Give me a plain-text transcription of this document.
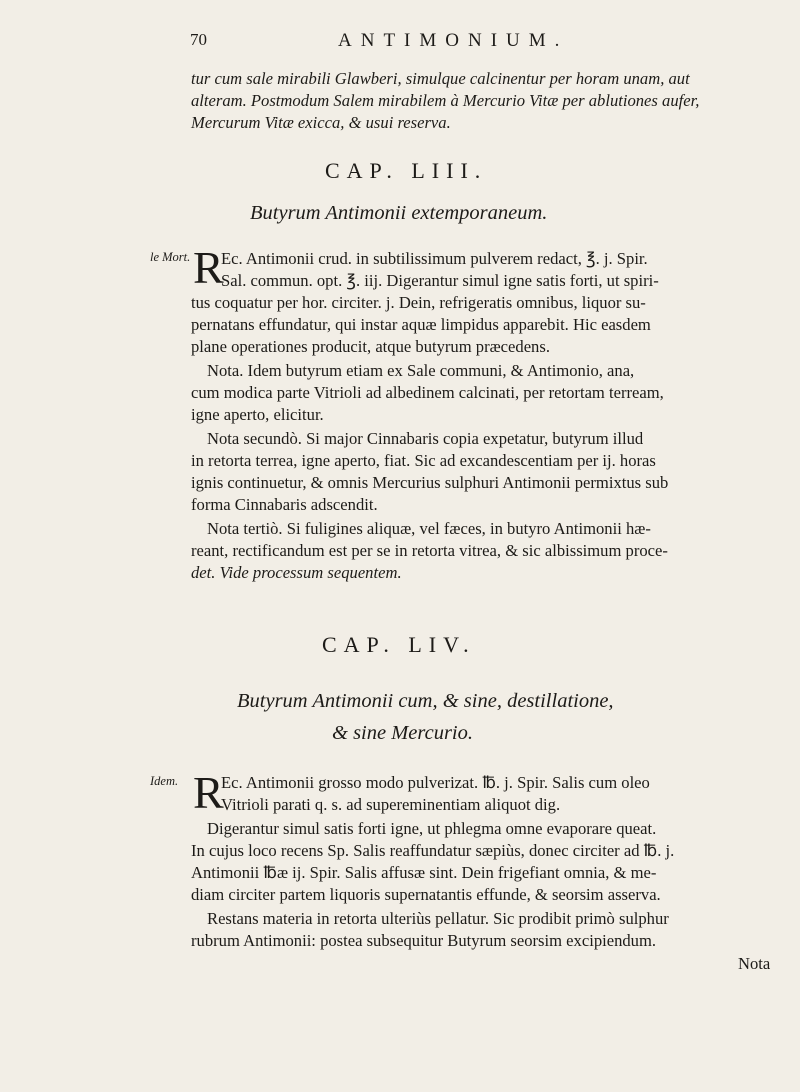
70	ANTIMONIUM.
tur cum sale mirabili Glawberi, simulque calcinentur per horam unam, aut
alteram. Postmodum Salem mirabilem à Mercurio Vitæ per ablutiones aufer,
Mercurum Vitæ exicca, & usui reserva.
CAP. LIII.
Butyrum Antimonii extemporaneum.
le Mort. R
Ec. Antimonii crud. in subtilissimum pulverem redact, ℥. j. Spir.
Sal. commun. opt. ℥. iij. Digerantur simul igne satis forti, ut spiri-
tus coquatur per hor. circiter. j. Dein, refrigeratis omnibus, liquor su-
pernatans effundatur, qui instar aquæ limpidus apparebit. Hic easdem
plane operationes producit, atque butyrum præcedens.
Nota. Idem butyrum etiam ex Sale communi, & Antimonio, ana,
cum modica parte Vitrioli ad albedinem calcinati, per retortam terream,
igne aperto, elicitur.
Nota secundò. Si major Cinnabaris copia expetatur, butyrum illud
in retorta terrea, igne aperto, fiat. Sic ad excandescentiam per ij. horas
ignis continuetur, & omnis Mercurius sulphuri Antimonii permixtus sub
forma Cinnabaris adscendit.
Nota tertiò. Si fuligines aliquæ, vel fæces, in butyro Antimonii hæ-
reant, rectificandum est per se in retorta vitrea, & sic albissimum proce-
det. Vide processum sequentem.
CAP. LIV.
Butyrum Antimonii cum, & sine, destillatione,
& sine Mercurio.
Idem. R
Ec. Antimonii grosso modo pulverizat. ℔. j. Spir. Salis cum oleo
Vitrioli parati q. s. ad supereminentiam aliquot dig.
Digerantur simul satis forti igne, ut phlegma omne evaporare queat.
In cujus loco recens Sp. Salis reaffundatur sæpiùs, donec circiter ad ℔. j.
Antimonii ℔æ ij. Spir. Salis affusæ sint. Dein frigefiant omnia, & me-
diam circiter partem liquoris supernatantis effunde, & seorsim asserva.
Restans materia in retorta ulteriùs pellatur. Sic prodibit primò sulphur
rubrum Antimonii: postea subsequitur Butyrum seorsim excipiendum.
Nota
